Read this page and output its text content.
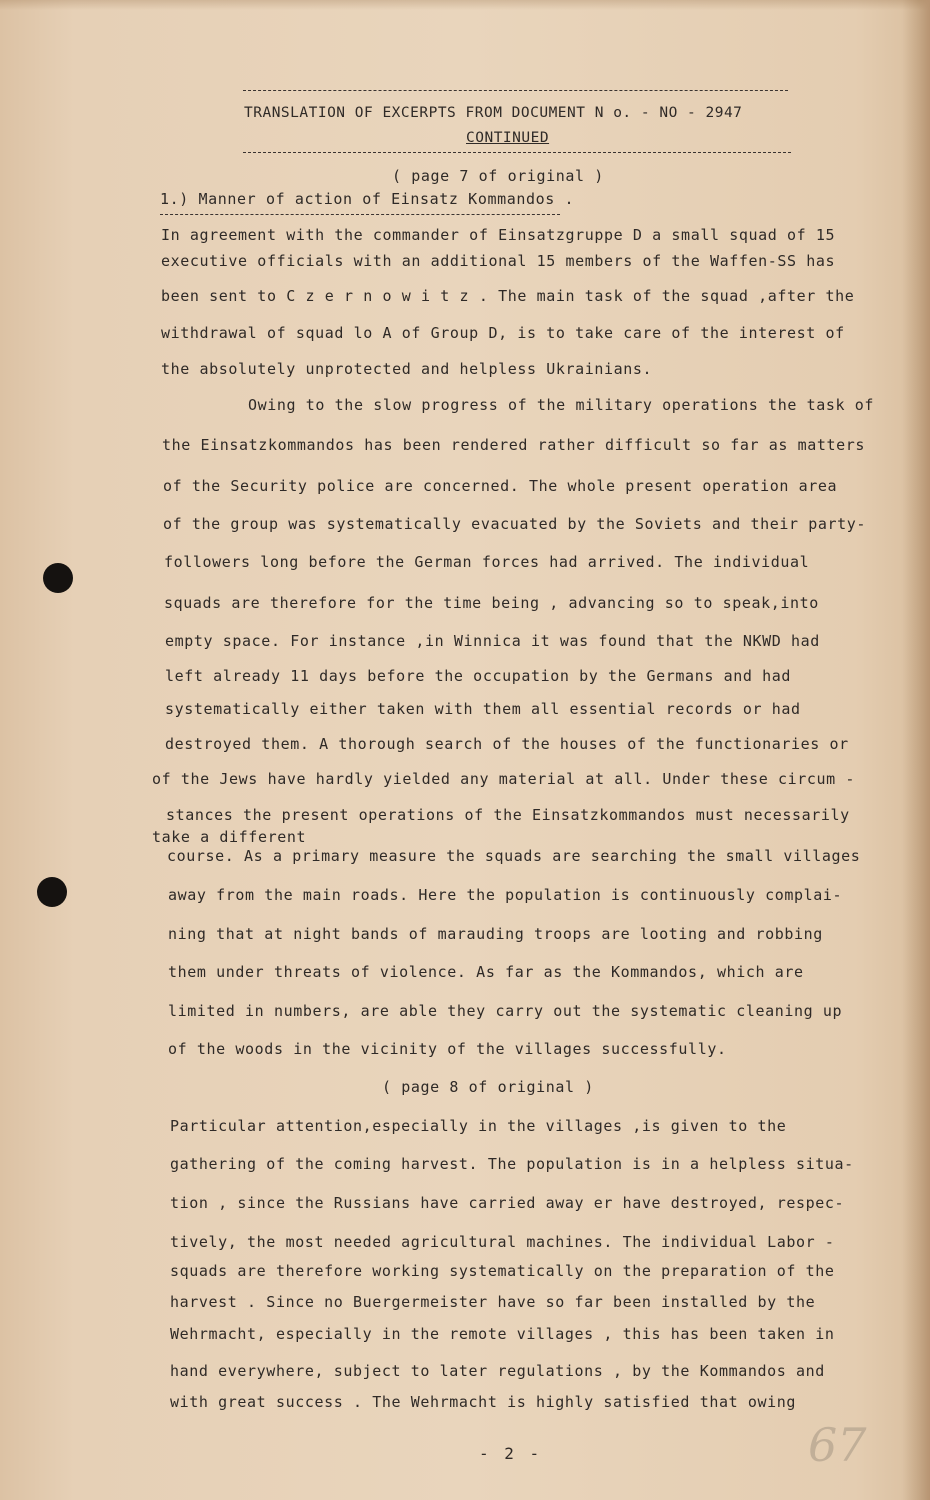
TRANSLATION OF EXCERPTS FROM DOCUMENT N o. - NO - 2947
CONTINUED
( page 7 of original )
1.) Manner of action of Einsatz Kommandos .
In agreement with the commander of Einsatzgruppe D a small squad of 15
executive officials with an additional 15 members of the Waffen-SS has
been sent to C z e r n o w i t z . The main task of the squad ,after the
withdrawal of squad lo A of Group D, is to take care of the interest of
the absolutely unprotected and helpless Ukrainians.
Owing to the slow progress of the military operations the task of
the Einsatzkommandos has been rendered rather difficult so far as matters
of the Security police are concerned. The whole present operation area
of the group was systematically evacuated by the Soviets and their party-
followers long before the German forces had arrived. The individual
squads are therefore for the time being , advancing so to speak,into
empty space. For instance ,in Winnica it was found that the NKWD had
left already 11 days before the occupation by the Germans and had
systematically either taken with them all essential records or had
destroyed them. A thorough search of the houses of the functionaries or
of the Jews have hardly yielded any material at all. Under these circum -
stances the present operations of the Einsatzkommandos must necessarily
take a different
course. As a primary measure the squads are searching the small villages
away from the main roads. Here the population is continuously complai-
ning that at night bands of marauding troops are looting and robbing
them under threats of violence. As far as the Kommandos, which are
limited in numbers, are able they carry out the systematic cleaning up
of the woods in the vicinity of the villages successfully.
( page 8 of original )
Particular attention,especially in the villages ,is given to the
gathering of the coming harvest. The population is in a helpless situa-
tion , since the Russians have carried away er have destroyed, respec-
tively, the most needed agricultural machines. The individual Labor -
squads are therefore working systematically on the preparation of the
harvest . Since no Buergermeister have so far been installed by the
Wehrmacht, especially in the remote villages , this has been taken in
hand everywhere, subject to later regulations , by the Kommandos and
with great success . The Wehrmacht is highly satisfied that owing
- 2 -	67
